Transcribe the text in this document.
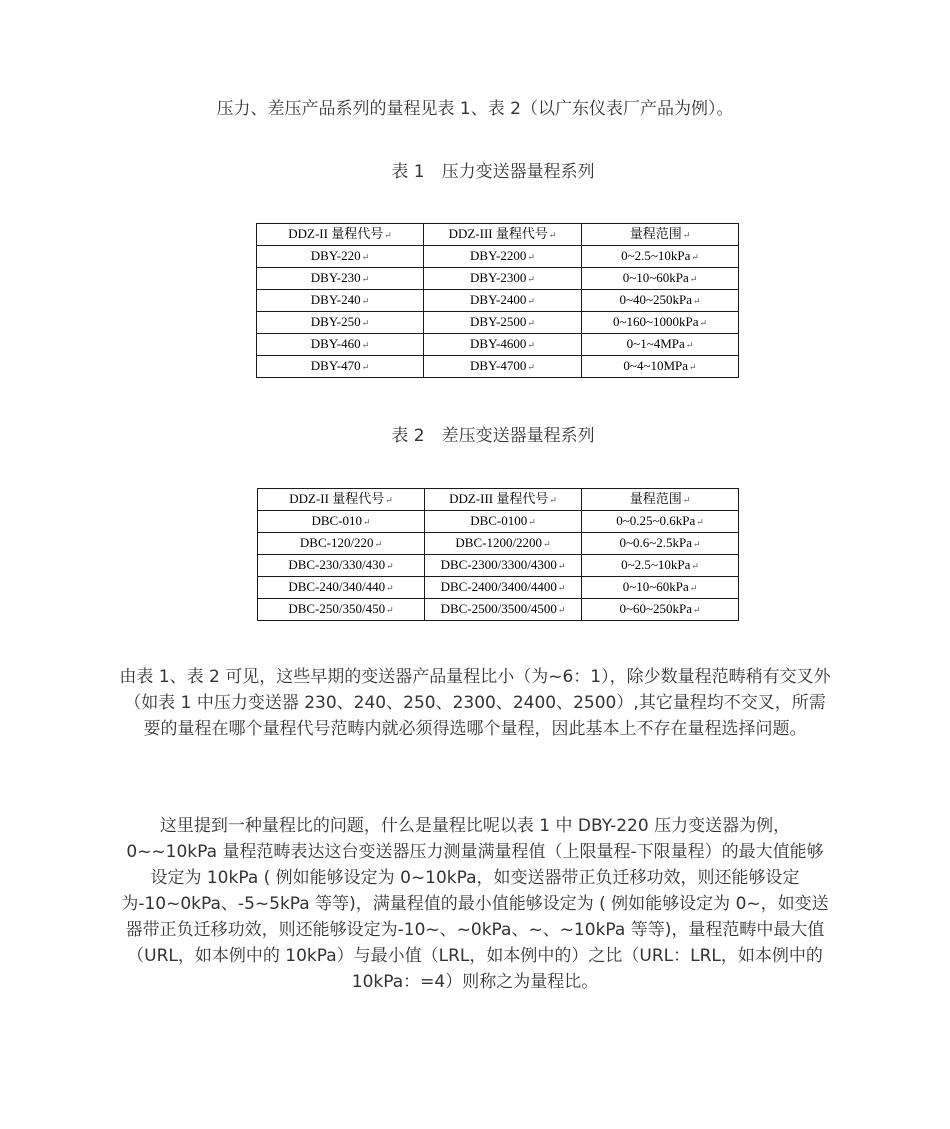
压力、差压产品系列的量程见表 1、表 2（以广东仪表厂产品为例）。

表 1　压力变送器量程系列

DDZ-II 量程代号↵	DDZ-III 量程代号↵	量程范围↵
DBY-220↵	DBY-2200↵	0~2.5~10kPa↵
DBY-230↵	DBY-2300↵	0~10~60kPa↵
DBY-240↵	DBY-2400↵	0~40~250kPa↵
DBY-250↵	DBY-2500↵	0~160~1000kPa↵
DBY-460↵	DBY-4600↵	0~1~4MPa↵
DBY-470↵	DBY-4700↵	0~4~10MPa↵

表 2　差压变送器量程系列

DDZ-II 量程代号↵	DDZ-III 量程代号↵	量程范围↵
DBC-010↵	DBC-0100↵	0~0.25~0.6kPa↵
DBC-120/220↵	DBC-1200/2200↵	0~0.6~2.5kPa↵
DBC-230/330/430↵	DBC-2300/3300/4300↵	0~2.5~10kPa↵
DBC-240/340/440↵	DBC-2400/3400/4400↵	0~10~60kPa↵
DBC-250/350/450↵	DBC-2500/3500/4500↵	0~60~250kPa↵

由表 1、表 2 可见，这些早期的变送器产品量程比小（为~6：1），除少数量程范畴稍有交叉外（如表 1 中压力变送器 230、240、250、2300、2400、2500）,其它量程均不交叉，所需要的量程在哪个量程代号范畴内就必须得选哪个量程，因此基本上不存在量程选择问题。

这里提到一种量程比的问题，什么是量程比呢以表 1 中 DBY-220 压力变送器为例，0~~10kPa 量程范畴表达这台变送器压力测量满量程值（上限量程-下限量程）的最大值能够设定为 10kPa ( 例如能够设定为 0~10kPa，如变送器带正负迁移功效，则还能够设定为-10~0kPa、-5~5kPa 等等)，满量程值的最小值能够设定为 ( 例如能够设定为 0~，如变送器带正负迁移功效，则还能够设定为-10~、~0kPa、~、~10kPa 等等)，量程范畴中最大值（URL，如本例中的 10kPa）与最小值（LRL，如本例中的）之比（URL：LRL，如本例中的 10kPa：=4）则称之为量程比。
